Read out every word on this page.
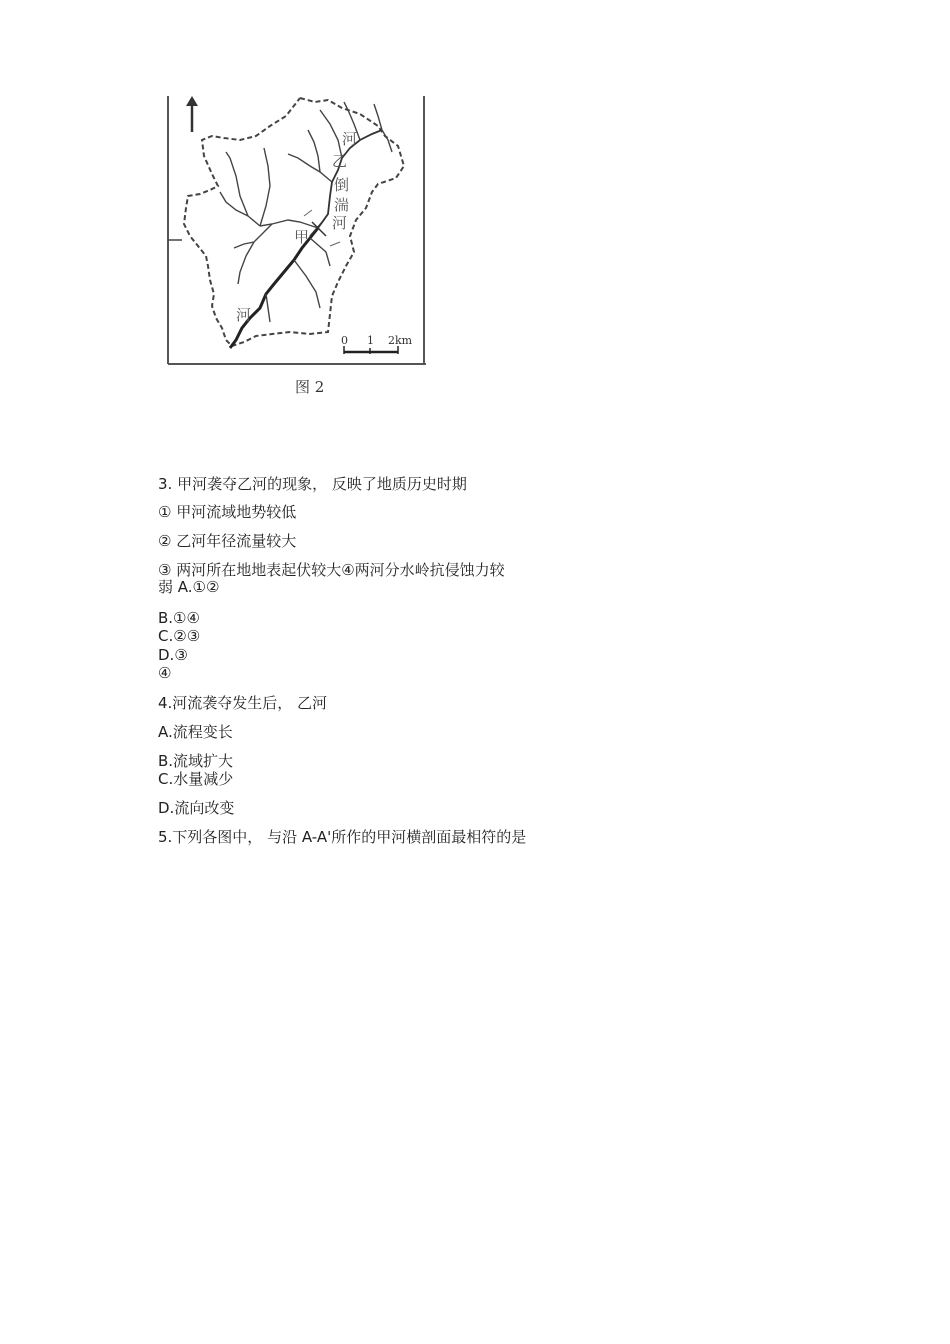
河
乙
倒
湍
河
甲
河
0 1 2km
图 2
3. 甲河袭夺乙河的现象， 反映了地质历史时期
① 甲河流域地势较低
② 乙河年径流量较大
③ 两河所在地地表起伏较大④两河分水岭抗侵蚀力较
弱 A.①②
B.①④
C.②③
D.③
④
4.河流袭夺发生后， 乙河
A.流程变长
B.流域扩大
C.水量减少
D.流向改变
5.下列各图中， 与沿 A-A'所作的甲河横剖面最相符的是
